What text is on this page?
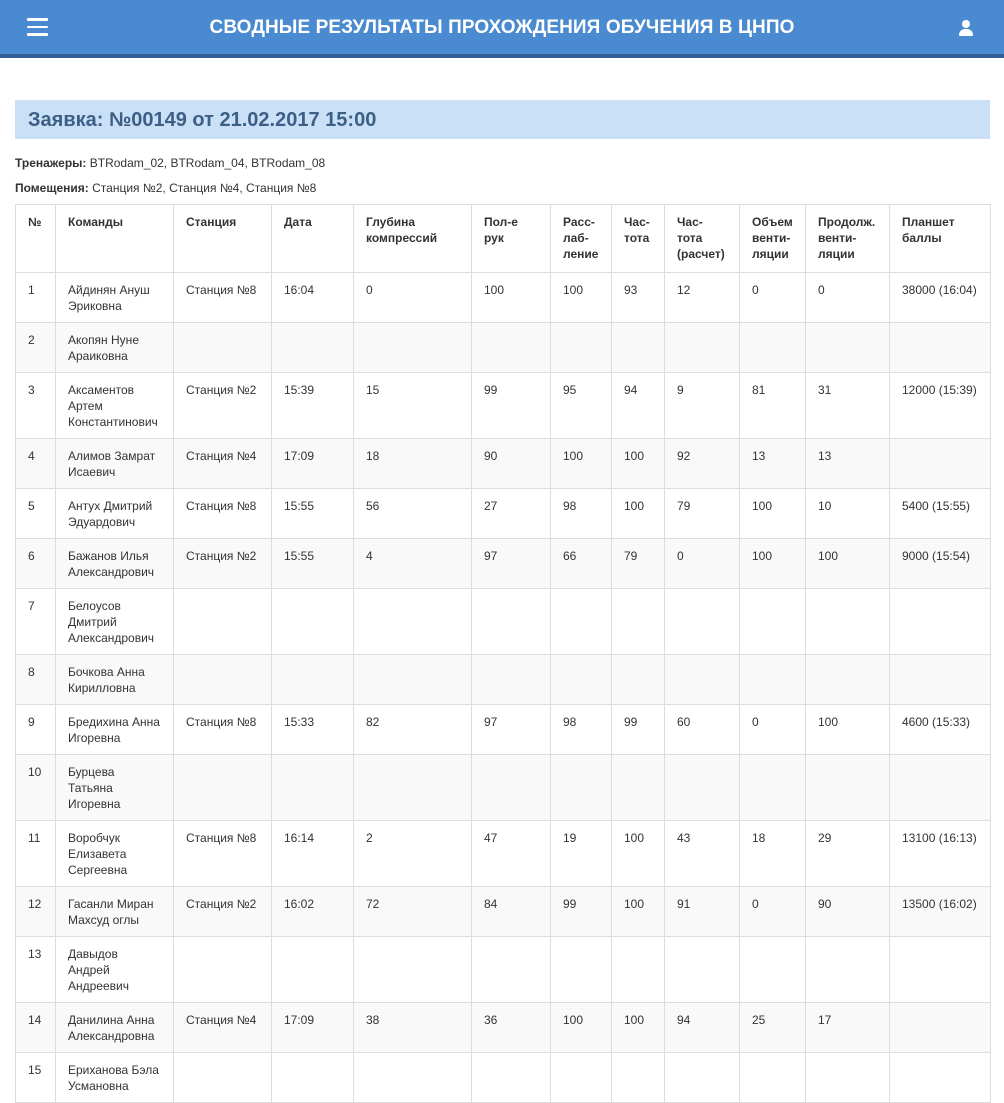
СВОДНЫЕ РЕЗУЛЬТАТЫ ПРОХОЖДЕНИЯ ОБУЧЕНИЯ В ЦНПО
Заявка: №00149 от 21.02.2017 15:00
Тренажеры: BTRodam_02, BTRodam_04, BTRodam_08
Помещения: Станция №2, Станция №4, Станция №8
№	Команды	Станция	Дата	Глубина компрессий	Пол-е рук	Расс-лаб-ление	Час-тота	Час-тота (расчет)	Объем венти-ляции	Продолж. венти-ляции	Планшет баллы
1	Айдинян Ануш Эриковна	Станция №8	16:04	0	100	100	93	12	0	0	38000 (16:04)
2	Акопян Нуне Араиковна										
3	Аксаментов Артем Константинович	Станция №2	15:39	15	99	95	94	9	81	31	12000 (15:39)
4	Алимов Замрат Исаевич	Станция №4	17:09	18	90	100	100	92	13	13	
5	Антух Дмитрий Эдуардович	Станция №8	15:55	56	27	98	100	79	100	10	5400 (15:55)
6	Бажанов Илья Александрович	Станция №2	15:55	4	97	66	79	0	100	100	9000 (15:54)
7	Белоусов Дмитрий Александрович										
8	Бочкова Анна Кирилловна										
9	Бредихина Анна Игоревна	Станция №8	15:33	82	97	98	99	60	0	100	4600 (15:33)
10	Бурцева Татьяна Игоревна										
11	Воробчук Елизавета Сергеевна	Станция №8	16:14	2	47	19	100	43	18	29	13100 (16:13)
12	Гасанли Миран Махсуд оглы	Станция №2	16:02	72	84	99	100	91	0	90	13500 (16:02)
13	Давыдов Андрей Андреевич										
14	Данилина Анна Александровна	Станция №4	17:09	38	36	100	100	94	25	17	
15	Ериханова Бэла Усмановна										
